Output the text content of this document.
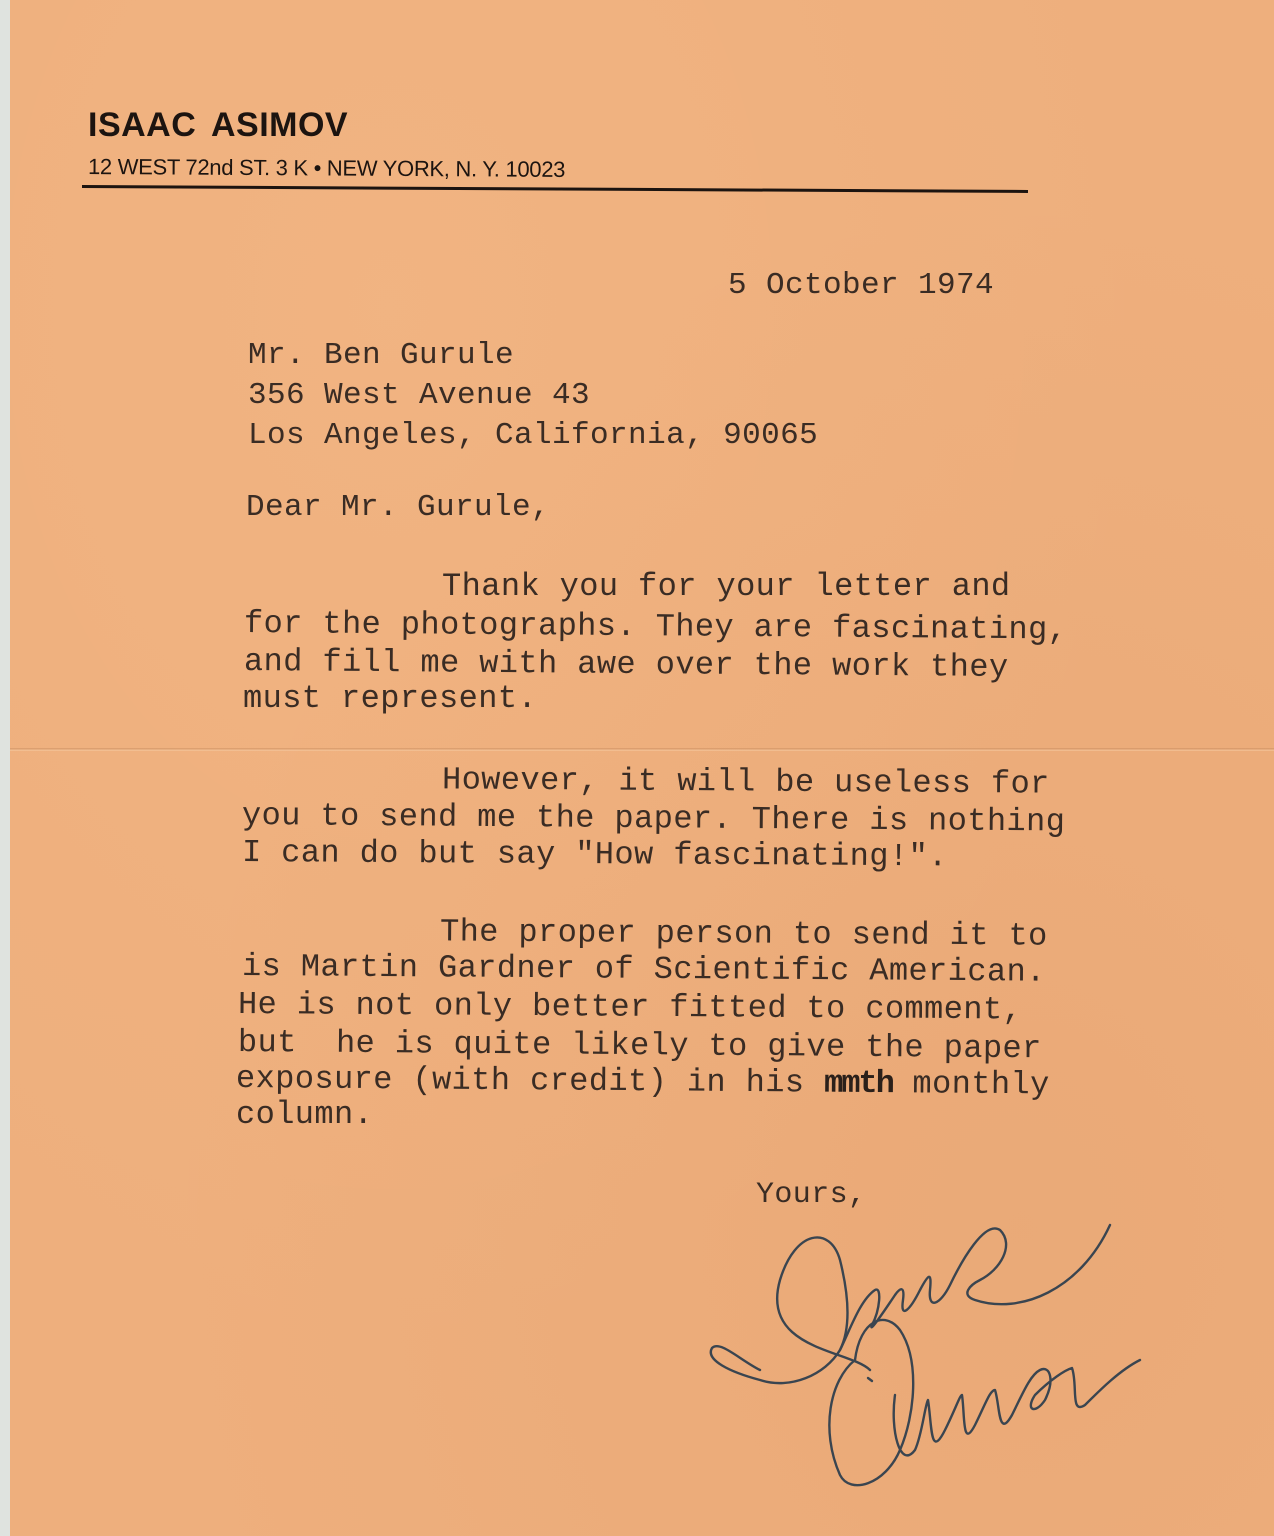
ISAAC ASIMOV
12 WEST 72nd ST. 3 K • NEW YORK, N. Y. 10023
5 October 1974
Mr. Ben Gurule
356 West Avenue 43
Los Angeles, California, 90065
Dear Mr. Gurule,
Thank you for your letter and
for the photographs. They are fascinating,
and fill me with awe over the work they
must represent.
However, it will be useless for
you to send me the paper. There is nothing
I can do but say "How fascinating!".
The proper person to send it to
is Martin Gardner of Scientific American.
He is not only better fitted to comment,
but  he is quite likely to give the paper
exposure (with credit) in his mmth monthly
column.
Yours,
